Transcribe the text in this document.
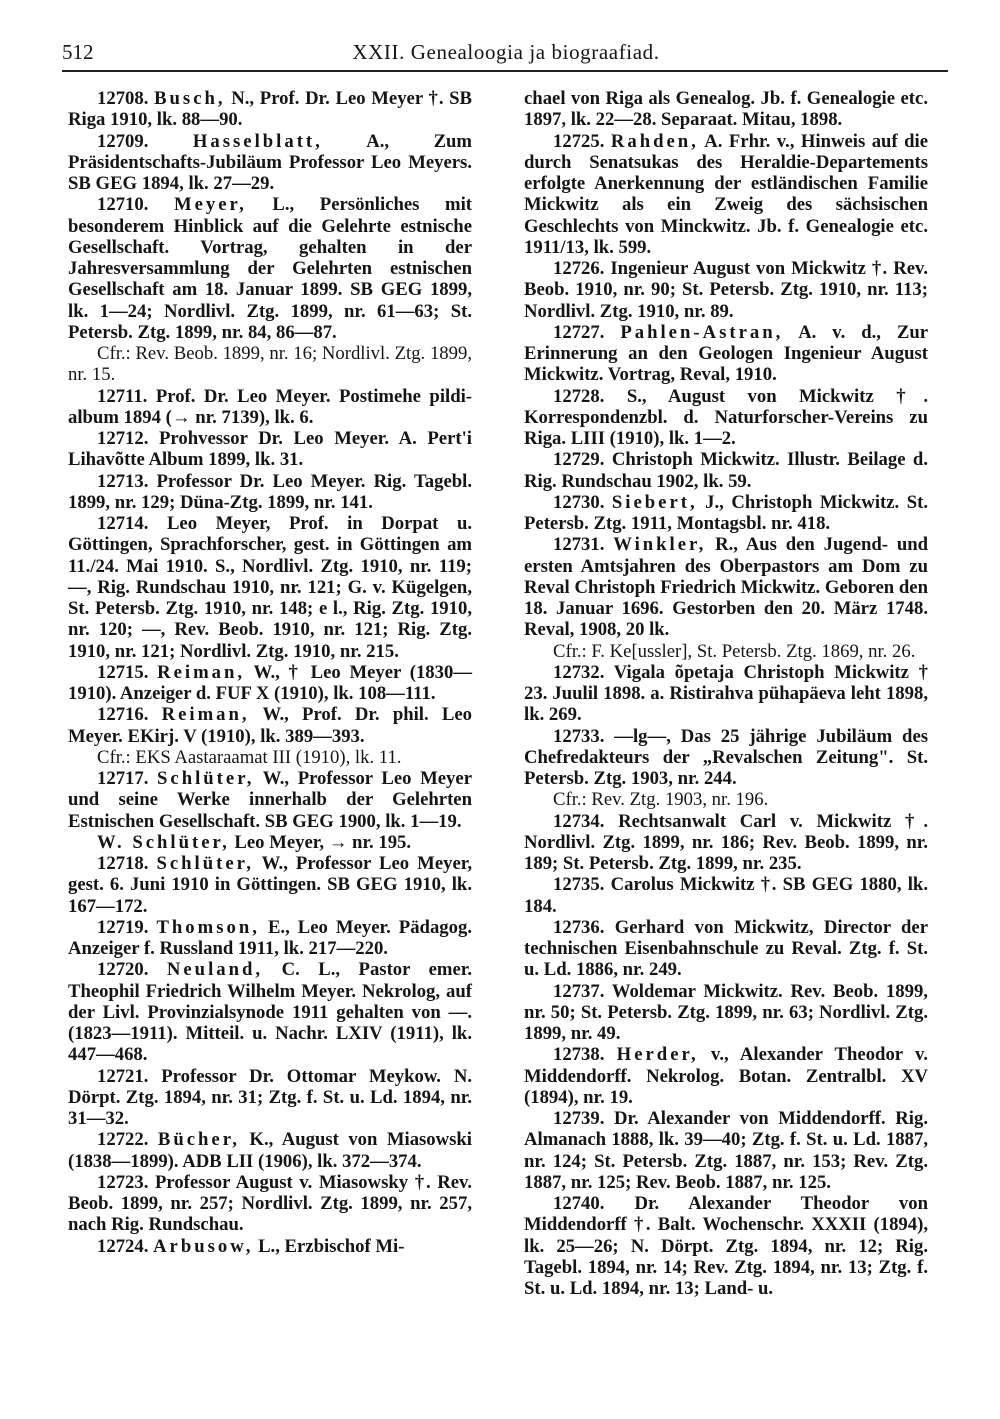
512	XXII. Genealoogia ja biograafiad.

12708. Busch, N., Prof. Dr. Leo Meyer †. SB Riga 1910, lk. 88—90.

12709. Hasselblatt, A., Zum Präsidentschafts-Jubiläum Professor Leo Meyers. SB GEG 1894, lk. 27—29.

12710. Meyer, L., Persönliches mit besonderem Hinblick auf die Gelehrte estnische Gesellschaft. Vortrag, gehalten in der Jahresversammlung der Gelehrten estnischen Gesellschaft am 18. Januar 1899. SB GEG 1899, lk. 1—24; Nordlivl. Ztg. 1899, nr. 61—63; St. Petersb. Ztg. 1899, nr. 84, 86—87.

Cfr.: Rev. Beob. 1899, nr. 16; Nordlivl. Ztg. 1899, nr. 15.

12711. Prof. Dr. Leo Meyer. Postimehe pildi-album 1894 (→ nr. 7139), lk. 6.

12712. Prohvessor Dr. Leo Meyer. A. Pert'i Lihavõtte Album 1899, lk. 31.

12713. Professor Dr. Leo Meyer. Rig. Tagebl. 1899, nr. 129; Düna-Ztg. 1899, nr. 141.

12714. Leo Meyer, Prof. in Dorpat u. Göttingen, Sprachforscher, gest. in Göttingen am 11./24. Mai 1910. S., Nordlivl. Ztg. 1910, nr. 119; —, Rig. Rundschau 1910, nr. 121; G. v. Kügelgen, St. Petersb. Ztg. 1910, nr. 148; e l., Rig. Ztg. 1910, nr. 120; —, Rev. Beob. 1910, nr. 121; Rig. Ztg. 1910, nr. 121; Nordlivl. Ztg. 1910, nr. 215.

12715. Reiman, W., † Leo Meyer (1830—1910). Anzeiger d. FUF X (1910), lk. 108—111.

12716. Reiman, W., Prof. Dr. phil. Leo Meyer. EKirj. V (1910), lk. 389—393.

Cfr.: EKS Aastaraamat III (1910), lk. 11.

12717. Schlüter, W., Professor Leo Meyer und seine Werke innerhalb der Gelehrten Estnischen Gesellschaft. SB GEG 1900, lk. 1—19.

W. Schlüter, Leo Meyer, → nr. 195.

12718. Schlüter, W., Professor Leo Meyer, gest. 6. Juni 1910 in Göttingen. SB GEG 1910, lk. 167—172.

12719. Thomson, E., Leo Meyer. Pädagog. Anzeiger f. Russland 1911, lk. 217—220.

12720. Neuland, C. L., Pastor emer. Theophil Friedrich Wilhelm Meyer. Nekrolog, auf der Livl. Provinzialsynode 1911 gehalten von —. (1823—1911). Mitteil. u. Nachr. LXIV (1911), lk. 447—468.

12721. Professor Dr. Ottomar Meykow. N. Dörpt. Ztg. 1894, nr. 31; Ztg. f. St. u. Ld. 1894, nr. 31—32.

12722. Bücher, K., August von Miasowski (1838—1899). ADB LII (1906), lk. 372—374.

12723. Professor August v. Miasowsky †. Rev. Beob. 1899, nr. 257; Nordlivl. Ztg. 1899, nr. 257, nach Rig. Rundschau.

12724. Arbusow, L., Erzbischof Mi-

chael von Riga als Genealog. Jb. f. Genealogie etc. 1897, lk. 22—28. Separaat. Mitau, 1898.

12725. Rahden, A. Frhr. v., Hinweis auf die durch Senatsukas des Heraldie-Departements erfolgte Anerkennung der estländischen Familie Mickwitz als ein Zweig des sächsischen Geschlechts von Minckwitz. Jb. f. Genealogie etc. 1911/13, lk. 599.

12726. Ingenieur August von Mickwitz †. Rev. Beob. 1910, nr. 90; St. Petersb. Ztg. 1910, nr. 113; Nordlivl. Ztg. 1910, nr. 89.

12727. Pahlen-Astran, A. v. d., Zur Erinnerung an den Geologen Ingenieur August Mickwitz. Vortrag, Reval, 1910.

12728. S., August von Mickwitz †. Korrespondenzbl. d. Naturforscher-Vereins zu Riga. LIII (1910), lk. 1—2.

12729. Christoph Mickwitz. Illustr. Beilage d. Rig. Rundschau 1902, lk. 59.

12730. Siebert, J., Christoph Mickwitz. St. Petersb. Ztg. 1911, Montagsbl. nr. 418.

12731. Winkler, R., Aus den Jugend- und ersten Amtsjahren des Oberpastors am Dom zu Reval Christoph Friedrich Mickwitz. Geboren den 18. Januar 1696. Gestorben den 20. März 1748. Reval, 1908, 20 lk.

Cfr.: F. Ke[ussler], St. Petersb. Ztg. 1869, nr. 26.

12732. Vigala õpetaja Christoph Mickwitz † 23. Juulil 1898. a. Ristirahva pühapäeva leht 1898, lk. 269.

12733. —lg—, Das 25 jährige Jubiläum des Chefredakteurs der „Revalschen Zeitung". St. Petersb. Ztg. 1903, nr. 244.

Cfr.: Rev. Ztg. 1903, nr. 196.

12734. Rechtsanwalt Carl v. Mickwitz †. Nordlivl. Ztg. 1899, nr. 186; Rev. Beob. 1899, nr. 189; St. Petersb. Ztg. 1899, nr. 235.

12735. Carolus Mickwitz †. SB GEG 1880, lk. 184.

12736. Gerhard von Mickwitz, Director der technischen Eisenbahnschule zu Reval. Ztg. f. St. u. Ld. 1886, nr. 249.

12737. Woldemar Mickwitz. Rev. Beob. 1899, nr. 50; St. Petersb. Ztg. 1899, nr. 63; Nordlivl. Ztg. 1899, nr. 49.

12738. Herder, v., Alexander Theodor v. Middendorff. Nekrolog. Botan. Zentralbl. XV (1894), nr. 19.

12739. Dr. Alexander von Middendorff. Rig. Almanach 1888, lk. 39—40; Ztg. f. St. u. Ld. 1887, nr. 124; St. Petersb. Ztg. 1887, nr. 153; Rev. Ztg. 1887, nr. 125; Rev. Beob. 1887, nr. 125.

12740. Dr. Alexander Theodor von Middendorff †. Balt. Wochenschr. XXXII (1894), lk. 25—26; N. Dörpt. Ztg. 1894, nr. 12; Rig. Tagebl. 1894, nr. 14; Rev. Ztg. 1894, nr. 13; Ztg. f. St. u. Ld. 1894, nr. 13; Land- u.
